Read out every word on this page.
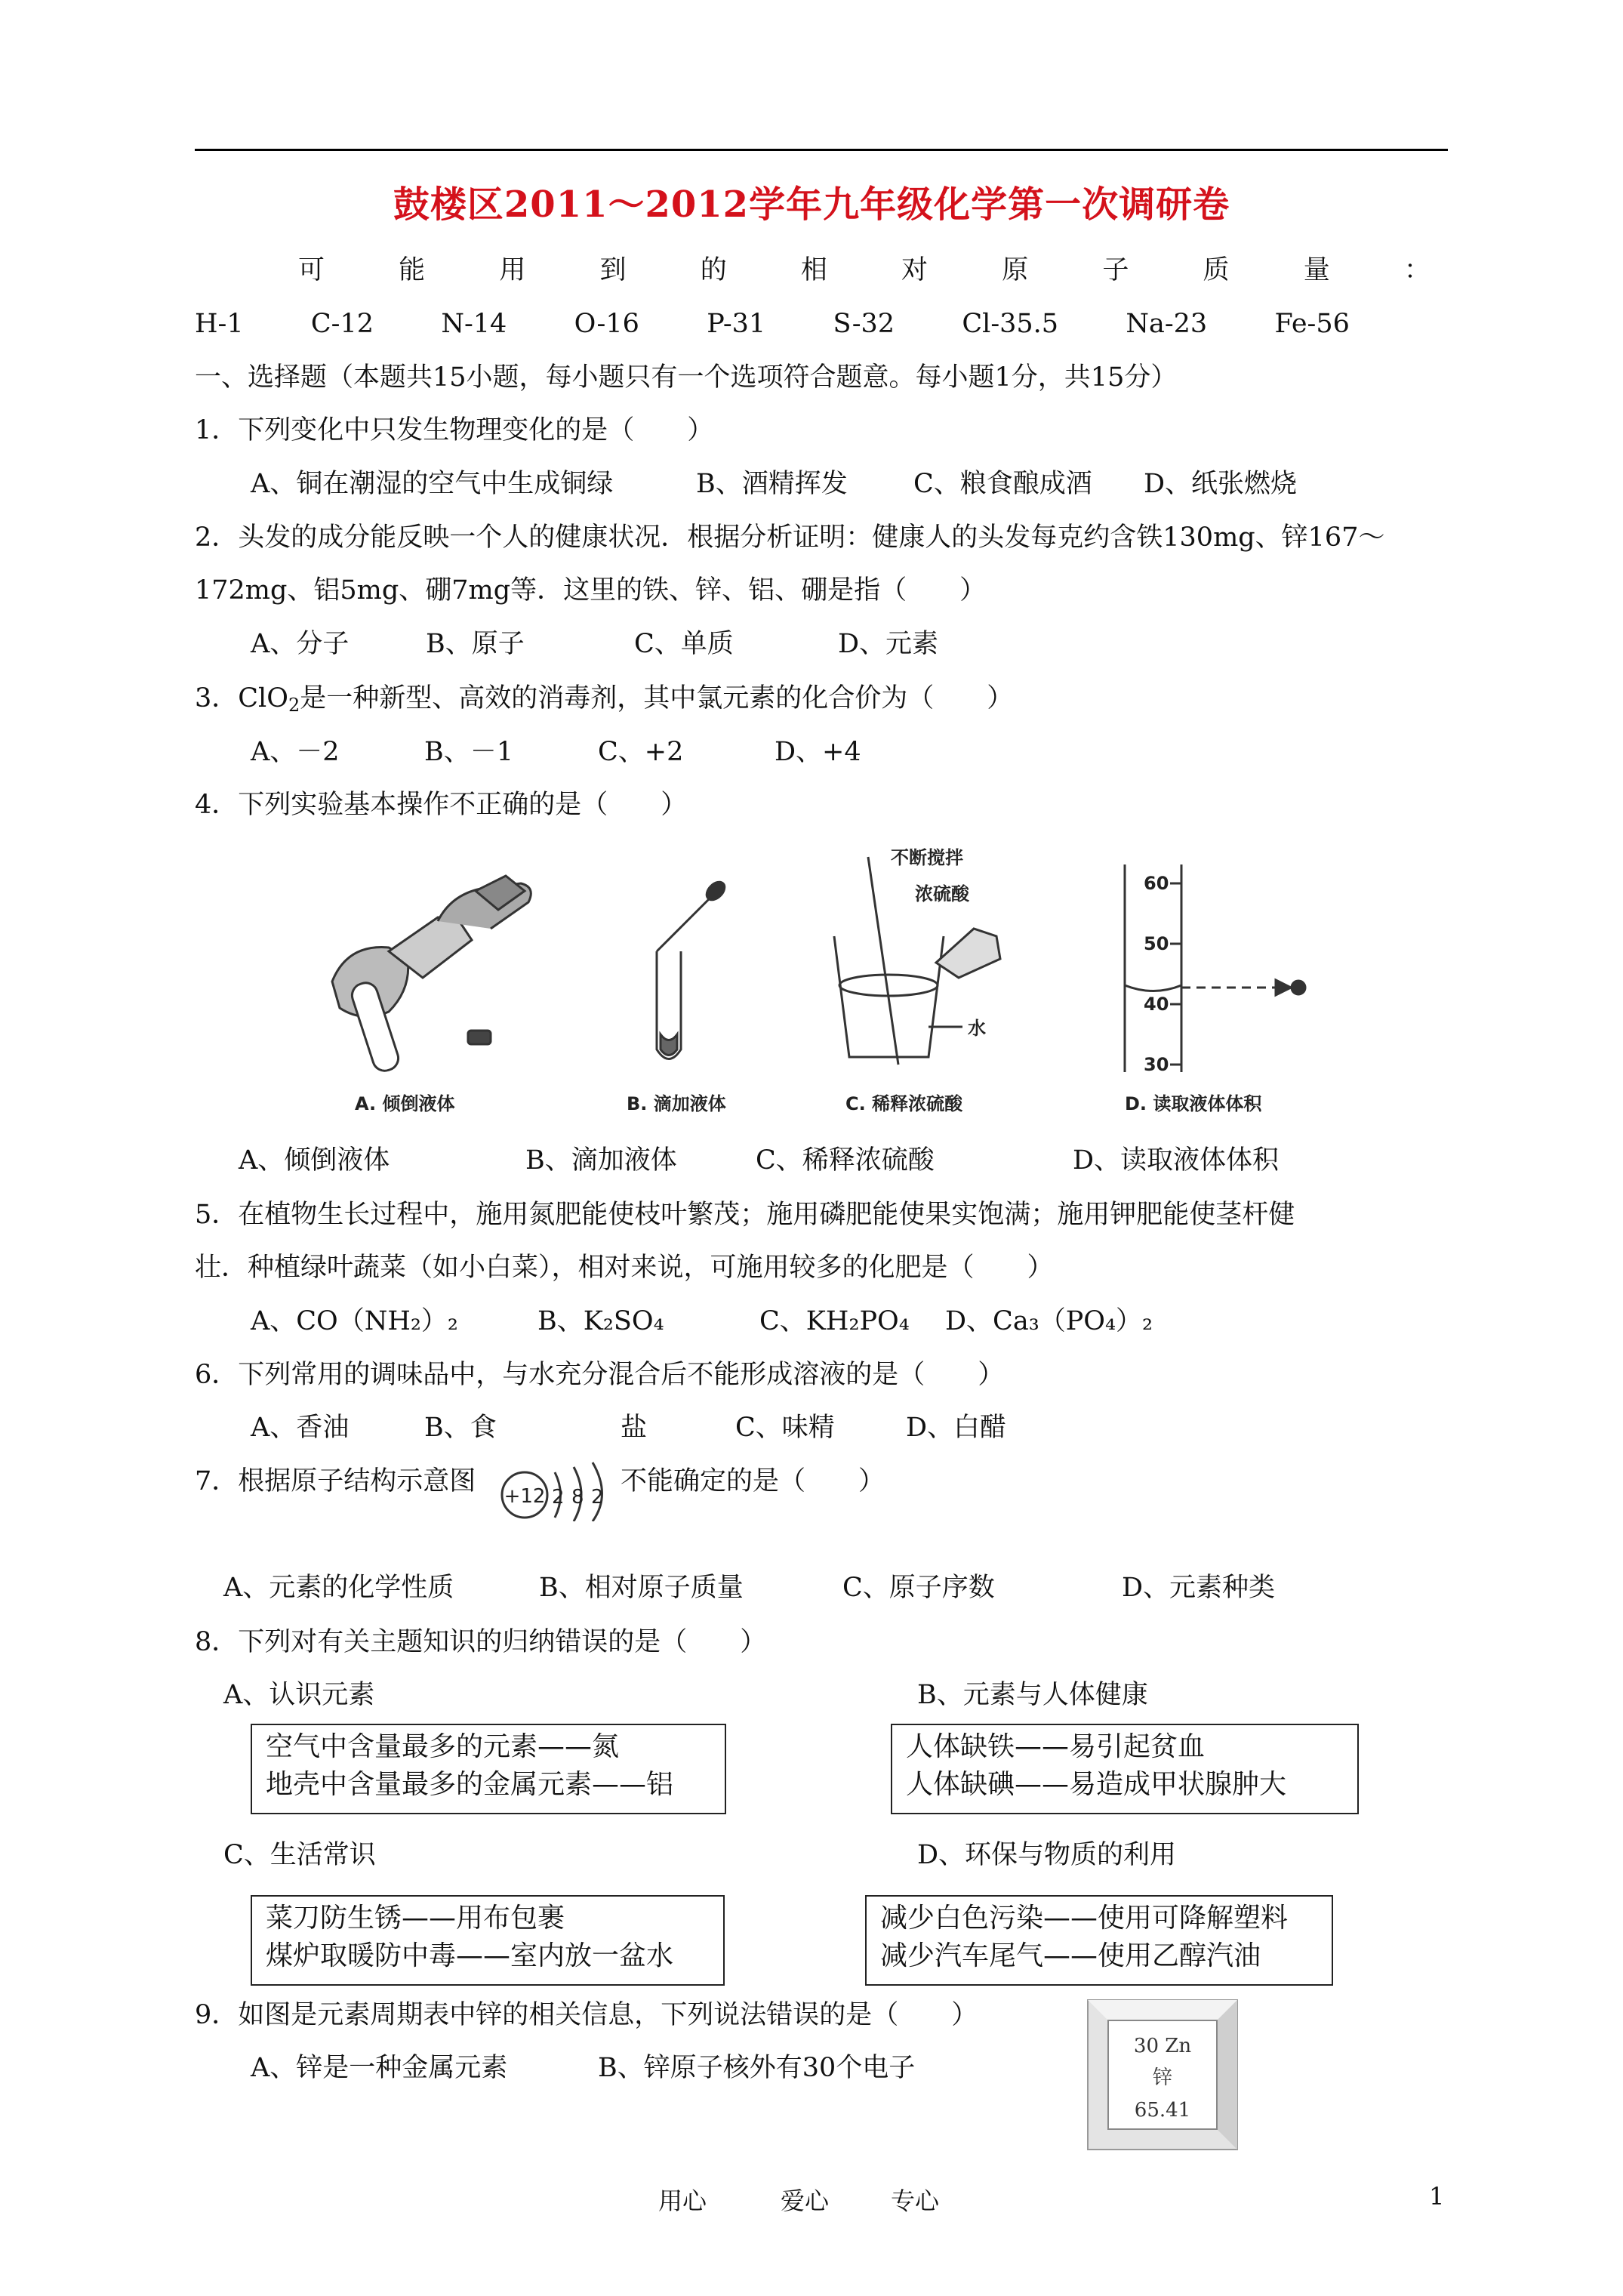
鼓楼区2011～2012学年九年级化学第一次调研卷
可	能	用	到	的	相	对	原	子	质	量	：
H-1	C-12	N-14	O-16	P-31	S-32	Cl-35.5	Na-23	Fe-56
一、选择题（本题共15小题，每小题只有一个选项符合题意。每小题1分，共15分）
1．下列变化中只发生物理变化的是（　　）
A、铜在潮湿的空气中生成铜绿	B、酒精挥发 C、粮食酿成酒 D、纸张燃烧
2．头发的成分能反映一个人的健康状况．根据分析证明：健康人的头发每克约含铁130mg、锌167～
172mg、铝5mg、硼7mg等．这里的铁、锌、铝、硼是指（　　）
A、分子	B、原子	C、单质	D、元素
3．ClO$_2$是一种新型、高效的消毒剂，其中氯元素的化合价为（　　）
A、－2	B、－1	C、+2	D、+4
4．下列实验基本操作不正确的是（　　）
不断搅拌
浓硫酸
水
60
50
40
30
A. 倾倒液体	B. 滴加液体	C. 稀释浓硫酸	D. 读取液体体积
A、倾倒液体	B、滴加液体	C、稀释浓硫酸	D、读取液体体积
5．在植物生长过程中，施用氮肥能使枝叶繁茂；施用磷肥能使果实饱满；施用钾肥能使茎杆健
壮．种植绿叶蔬菜（如小白菜），相对来说，可施用较多的化肥是（　　）
A、CO（NH₂）₂	B、K₂SO₄	C、KH₂PO₄ D、Ca₃（PO₄）₂
6．下列常用的调味品中，与水充分混合后不能形成溶液的是（　　）
A、香油	B、食	盐	C、味精	D、白醋
7．根据原子结构示意图 +12 2 8 2
不能确定的是（　　）
A、元素的化学性质	B、相对原子质量	C、原子序数	D、元素种类
8．下列对有关主题知识的归纳错误的是（　　）
A、认识元素	B、元素与人体健康
空气中含量最多的元素——氮
地壳中含量最多的金属元素——铝
人体缺铁——易引起贫血
人体缺碘——易造成甲状腺肿大
C、生活常识	D、环保与物质的利用
菜刀防生锈——用布包裹
煤炉取暖防中毒——室内放一盆水
减少白色污染——使用可降解塑料
减少汽车尾气——使用乙醇汽油
9．如图是元素周期表中锌的相关信息，下列说法错误的是（　　）
A、锌是一种金属元素	B、锌原子核外有30个电子
30 Zn
锌
65.41
用心	爱心	专心	1
